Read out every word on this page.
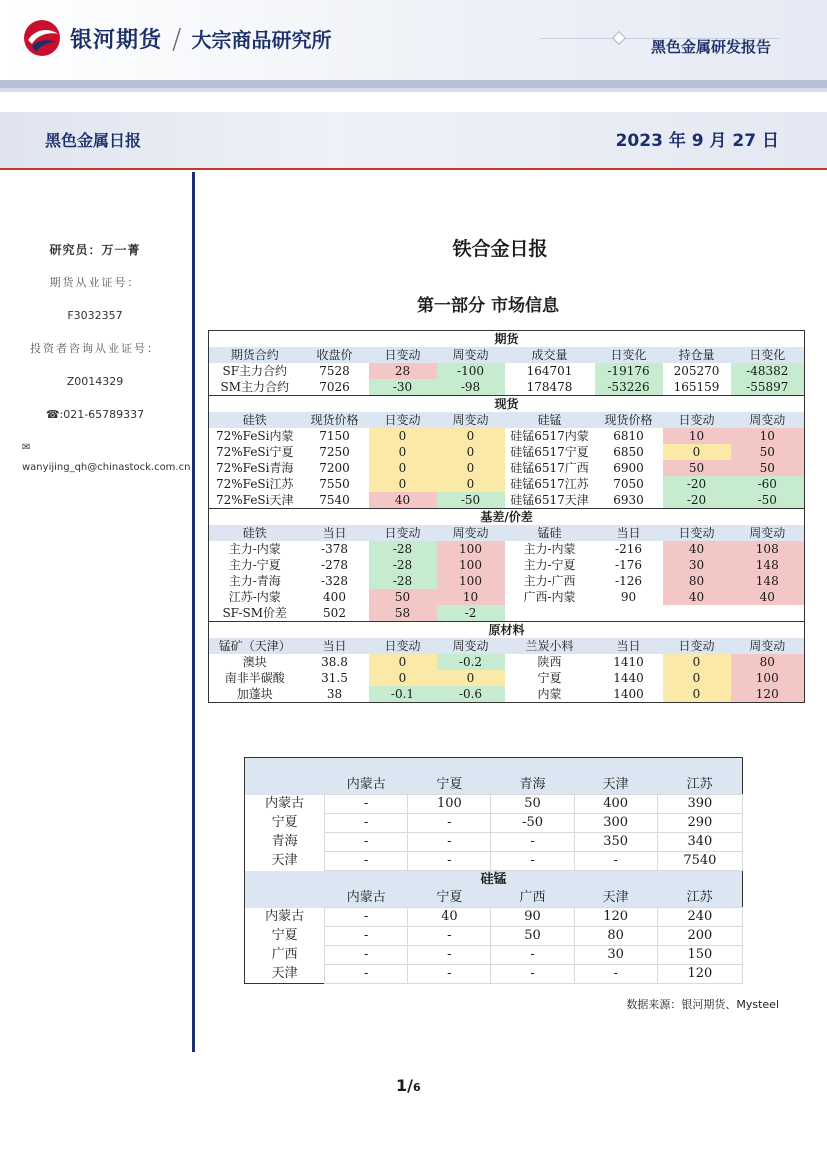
银河期货 / 大宗商品研究所	黑色金属研发报告
黑色金属日报	2023 年 9 月 27 日
研究员：万一菁
期货从业证号：
F3032357
投资者咨询从业证号：
Z0014329
☎:021-65789337
✉wanyijing_qh@chinastock.com.cn
铁合金日报
第一部分 市场信息
期货							
期货合约	收盘价	日变动	周变动	成交量	日变化	持仓量	日变化
SF主力合约	7528	28	-100	164701	-19176	205270	-48382
SM主力合约	7026	-30	-98	178478	-53226	165159	-55897
现货							
硅铁	现货价格	日变动	周变动	硅锰	现货价格	日变动	周变动
72%FeSi内蒙	7150	0	0	硅锰6517内蒙	6810	10	10
72%FeSi宁夏	7250	0	0	硅锰6517宁夏	6850	0	50
72%FeSi青海	7200	0	0	硅锰6517广西	6900	50	50
72%FeSi江苏	7550	0	0	硅锰6517江苏	7050	-20	-60
72%FeSi天津	7540	40	-50	硅锰6517天津	6930	-20	-50
基差/价差							
硅铁	当日	日变动	周变动	锰硅	当日	日变动	周变动
主力-内蒙	-378	-28	100	主力-内蒙	-216	40	108
主力-宁夏	-278	-28	100	主力-宁夏	-176	30	148
主力-青海	-328	-28	100	主力-广西	-126	80	148
江苏-内蒙	400	50	10	广西-内蒙	90	40	40
SF-SM价差	502	58	-2				
原材料							
锰矿（天津）	当日	日变动	周变动	兰炭小料	当日	日变动	周变动
澳块	38.8	0	-0.2	陕西	1410	0	80
南非半碳酸	31.5	0	0	宁夏	1440	0	100
加蓬块	38	-0.1	-0.6	内蒙	1400	0	120

	内蒙古	宁夏	青海	天津	江苏
内蒙古	-	100	50	400	390
宁夏	-	-	-50	300	290
青海	-	-	-	350	340
天津	-	-	-	-	7540
硅锰					
	内蒙古	宁夏	广西	天津	江苏
内蒙古	-	40	90	120	240
宁夏	-	-	50	80	200
广西	-	-	-	30	150
天津	-	-	-	-	120
数据来源：银河期货、Mysteel
1/6
